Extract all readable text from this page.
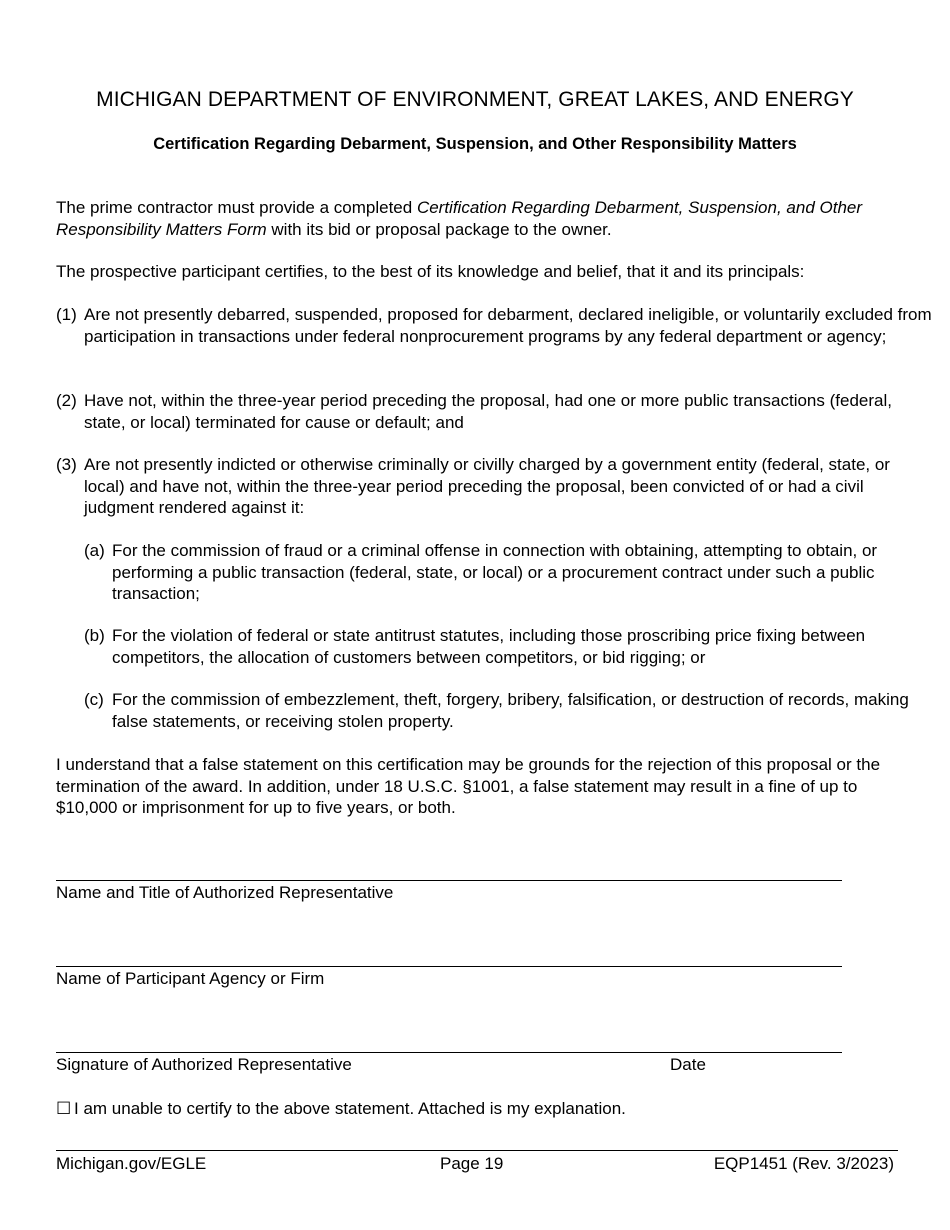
MICHIGAN DEPARTMENT OF ENVIRONMENT, GREAT LAKES, AND ENERGY
Certification Regarding Debarment, Suspension, and Other Responsibility Matters
The prime contractor must provide a completed Certification Regarding Debarment, Suspension, and Other Responsibility Matters Form with its bid or proposal package to the owner.
The prospective participant certifies, to the best of its knowledge and belief, that it and its principals:
(1) Are not presently debarred, suspended, proposed for debarment, declared ineligible, or voluntarily excluded from participation in transactions under federal nonprocurement programs by any federal department or agency;
(2) Have not, within the three-year period preceding the proposal, had one or more public transactions (federal, state, or local) terminated for cause or default; and
(3) Are not presently indicted or otherwise criminally or civilly charged by a government entity (federal, state, or local) and have not, within the three-year period preceding the proposal, been convicted of or had a civil judgment rendered against it:
(a) For the commission of fraud or a criminal offense in connection with obtaining, attempting to obtain, or performing a public transaction (federal, state, or local) or a procurement contract under such a public transaction;
(b) For the violation of federal or state antitrust statutes, including those proscribing price fixing between competitors, the allocation of customers between competitors, or bid rigging; or
(c) For the commission of embezzlement, theft, forgery, bribery, falsification, or destruction of records, making false statements, or receiving stolen property.
I understand that a false statement on this certification may be grounds for the rejection of this proposal or the termination of the award. In addition, under 18 U.S.C. §1001, a false statement may result in a fine of up to $10,000 or imprisonment for up to five years, or both.
Name and Title of Authorized Representative
Name of Participant Agency or Firm
Signature of Authorized Representative	Date
☐ I am unable to certify to the above statement. Attached is my explanation.
Michigan.gov/EGLE	Page 19	EQP1451 (Rev. 3/2023)
